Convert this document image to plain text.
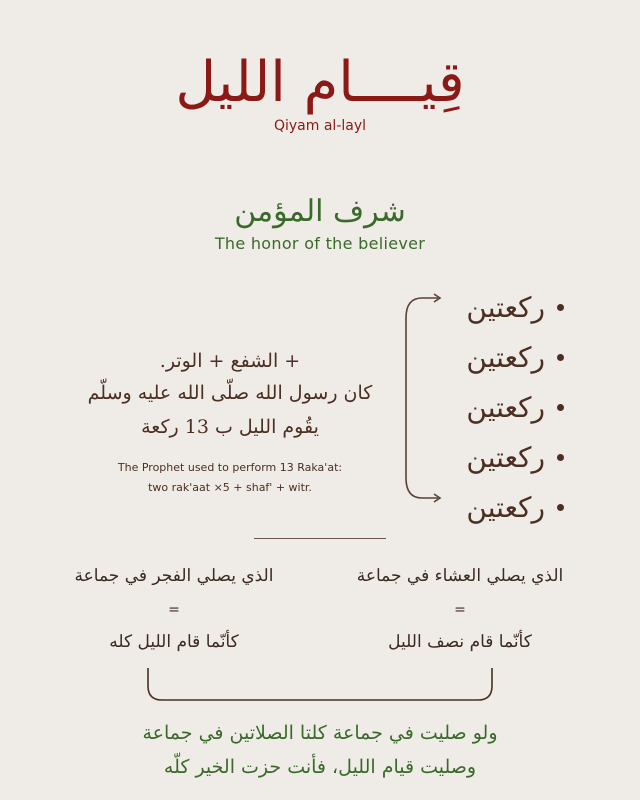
قِيــــام الليل
Qiyam al-layl
شرف المؤمن
The honor of the believer
ركعتين
ركعتين
ركعتين
ركعتين
ركعتين
+ الشفع + الوتر.
كان رسول الله صلّى الله عليه وسلّم
يقُوم الليل ب 13 ركعة
The Prophet used to perform 13 Raka'at:
two rak'aat ×5 + shaf' + witr.
الذي يصلي العشاء في جماعة
=
كأنّما قام نصف الليل
الذي يصلي الفجر في جماعة
=
كأنّما قام الليل كله
ولو صليت في جماعة كلتا الصلاتين في جماعة
وصليت قيام الليل، فأنت حزت الخير كلّه
